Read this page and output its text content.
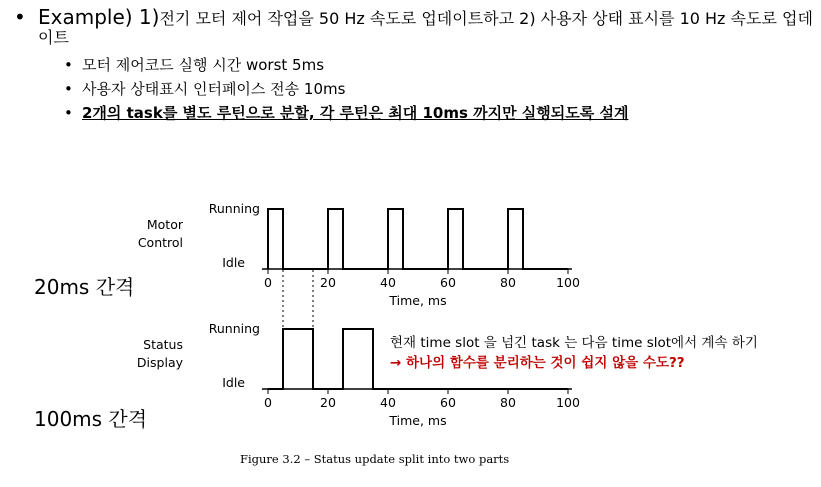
• Example) 1)전기 모터 제어 작업을 50 Hz 속도로 업데이트하고 2) 사용자 상태 표시를 10 Hz 속도로 업데이트
• 모터 제어코드 실행 시간 worst 5ms
• 사용자 상태표시 인터페이스 전송 10ms
• 2개의 task를 별도 루틴으로 분할, 각 루틴은 최대 10ms 까지만 실행되도록 설계
20ms 간격
100ms 간격
Motor
Control
Running
Idle
0	20	40	60	80	100
Time, ms
Status
Display
Running
Idle
0	20	40	60	80	100
Time, ms
현재 time slot 을 넘긴 task 는 다음 time slot에서 계속 하기
→ 하나의 함수를 분리하는 것이 쉽지 않을 수도??
Figure 3.2 – Status update split into two parts
